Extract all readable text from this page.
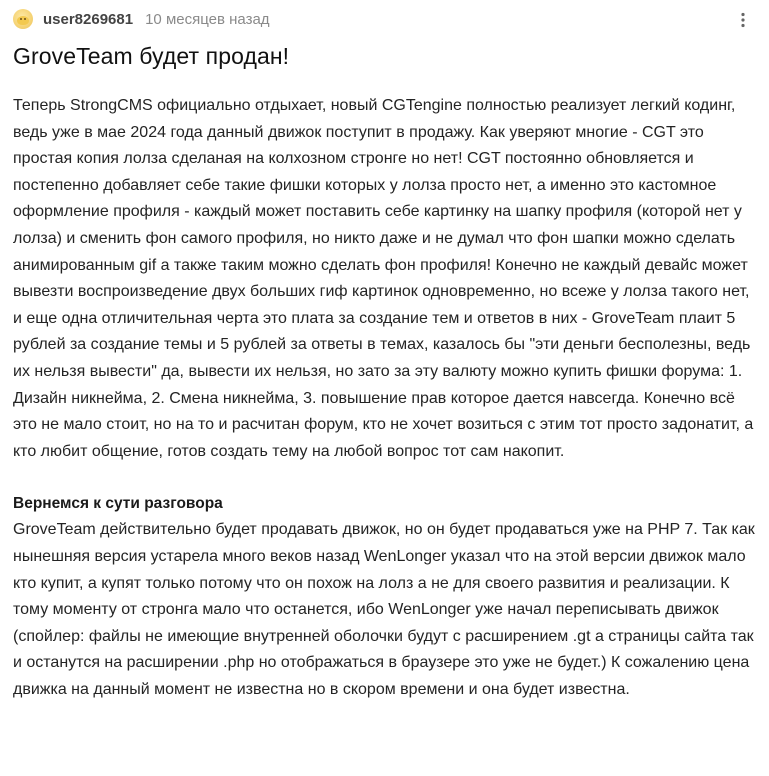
user8269681 10 месяцев назад
GroveTeam будет продан!

Теперь StrongCMS официально отдыхает, новый CGTengine полностью реализует легкий кодинг, ведь уже в мае 2024 года данный движок поступит в продажу. Как уверяют многие - CGT это простая копия лолза сделаная на колхозном стронге но нет! CGT постоянно обновляется и постепенно добавляет себе такие фишки которых у лолза просто нет, а именно это кастомное оформление профиля - каждый может поставить себе картинку на шапку профиля (которой нет у лолза) и сменить фон самого профиля, но никто даже и не думал что фон шапки можно сделать анимированным gif а также таким можно сделать фон профиля! Конечно не каждый девайс может вывезти воспроизведение двух больших гиф картинок одновременно, но всеже у лолза такого нет, и еще одна отличительная черта это плата за создание тем и ответов в них - GroveTeam плаит 5 рублей за создание темы и 5 рублей за ответы в темах, казалось бы "эти деньги бесполезны, ведь их нельзя вывести" да, вывести их нельзя, но зато за эту валюту можно купить фишки форума: 1. Дизайн никнейма, 2. Смена никнейма, 3. повышение прав которое дается навсегда. Конечно всё это не мало стоит, но на то и расчитан форум, кто не хочет возиться с этим тот просто задонатит, а кто любит общение, готов создать тему на любой вопрос тот сам накопит.

Вернемся к сути разговора

GroveTeam действительно будет продавать движок, но он будет продаваться уже на PHP 7. Так как нынешняя версия устарела много веков назад WenLonger указал что на этой версии движок мало кто купит, а купят только потому что он похож на лолз а не для своего развития и реализации. К тому моменту от стронга мало что останется, ибо WenLonger уже начал переписывать движок (спойлер: файлы не имеющие внутренней оболочки будут с расширением .gt а страницы сайта так и останутся на расширении .php но отображаться в браузере это уже не будет.) К сожалению цена движка на данный момент не известна но в скором времени и она будет известна.
